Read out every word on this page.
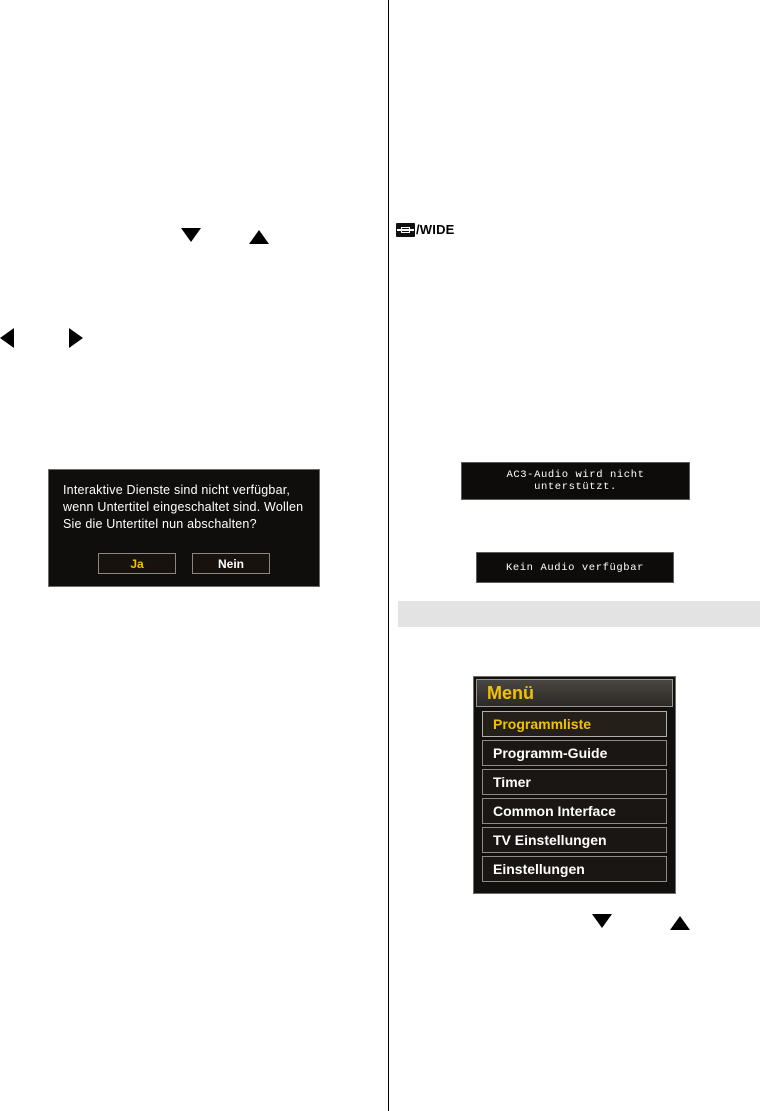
Interaktive Dienste sind nicht verfügbar, wenn Untertitel eingeschaltet sind. Wollen Sie die Untertitel nun abschalten?
Ja	Nein
/WIDE
AC3-Audio wird nicht unterstützt.
Kein Audio verfügbar
Menü
Programmliste
Programm-Guide
Timer
Common Interface
TV Einstellungen
Einstellungen
